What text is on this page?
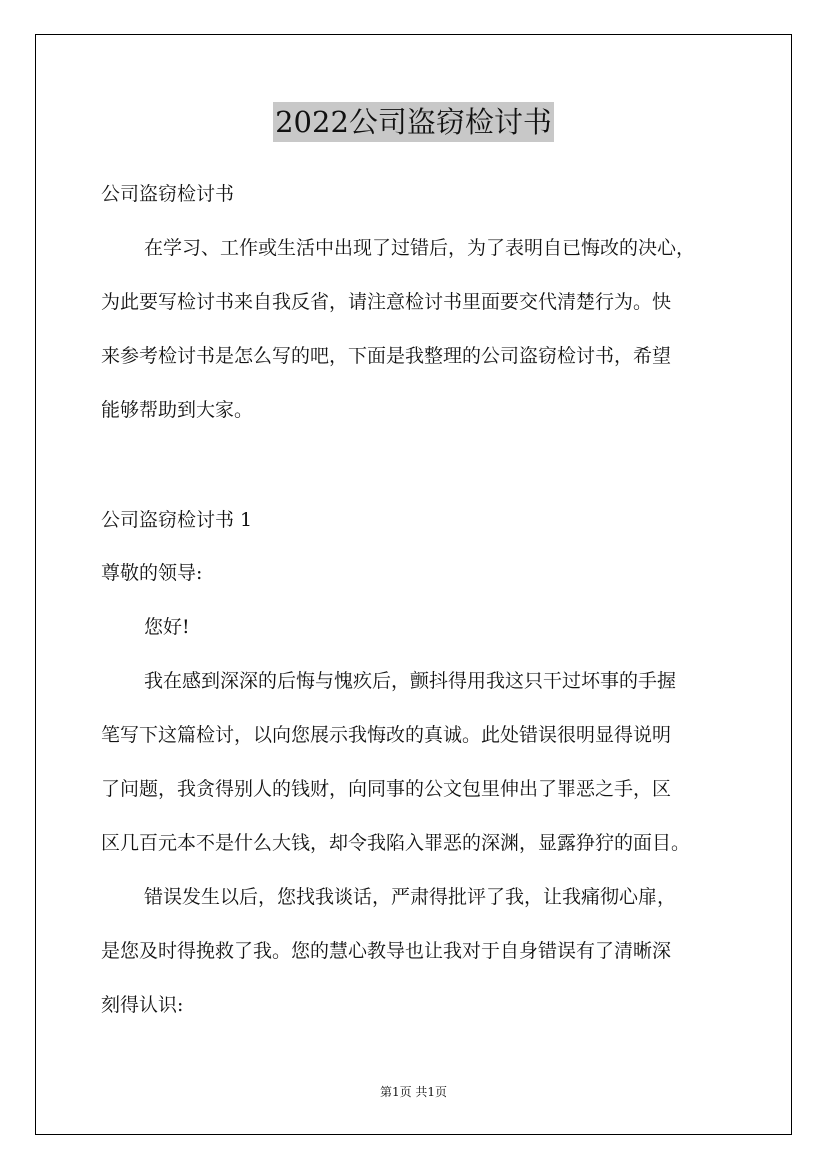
2022公司盗窃检讨书
公司盗窃检讨书
在学习、工作或生活中出现了过错后，为了表明自已悔改的决心，
为此要写检讨书来自我反省，请注意检讨书里面要交代清楚行为。快
来参考检讨书是怎么写的吧，下面是我整理的公司盗窃检讨书，希望
能够帮助到大家。
公司盗窃检讨书 1
尊敬的领导:
您好!
我在感到深深的后悔与愧疚后，颤抖得用我这只干过坏事的手握
笔写下这篇检讨，以向您展示我悔改的真诚。此处错误很明显得说明
了问题，我贪得别人的钱财，向同事的公文包里伸出了罪恶之手，区
区几百元本不是什么大钱，却令我陷入罪恶的深渊，显露狰狞的面目。
错误发生以后，您找我谈话，严肃得批评了我，让我痛彻心扉，
是您及时得挽救了我。您的慧心教导也让我对于自身错误有了清晰深
刻得认识:
第1页 共1页
